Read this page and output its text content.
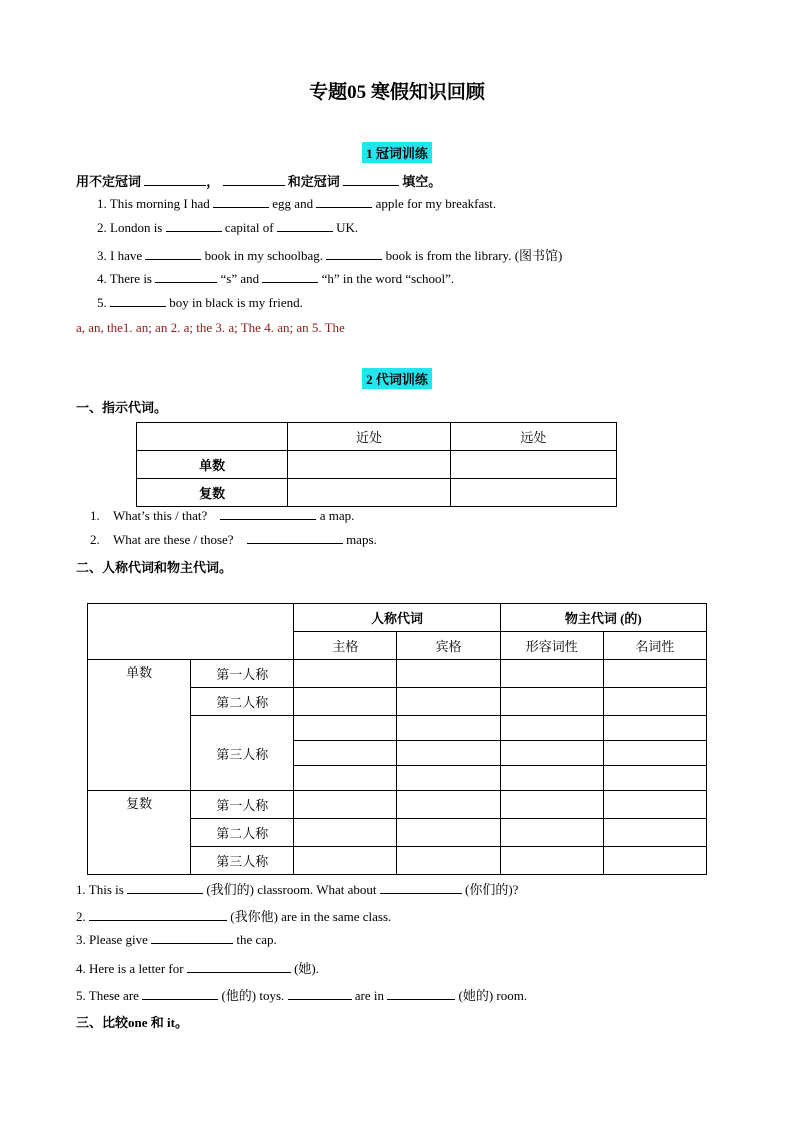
专题05 寒假知识回顾
1 冠词训练
用不定冠词	，	和定冠词	填空。
1. This morning I had	egg and	apple for my breakfast.
2. London is	capital of	UK.
3. I have	book in my schoolbag.	book is from the library. (图书馆)
4. There is	“s” and	“h” in the word “school”.
5.	boy in black is my friend.
a, an, the1. an; an 2. a; the 3. a; The 4. an; an 5. The
2 代词训练
一、指示代词。
	近处	远处
单数		
复数		
1. What’s this / that?	a map.
2. What are these / those?	maps.
二、人称代词和物主代词。
		人称代词		物主代词 (的)	
		主格	宾格	形容词性	名词性
单数	第一人称				
	第二人称				
	第三人称				

复数	第一人称				
	第二人称				
	第三人称				
1. This is	(我们的) classroom. What about	(你们的)?
2.	(我你他) are in the same class.
3. Please give	the cap.
4. Here is a letter for	(她).
5. These are	(他的) toys.	are in	(她的) room.
三、比较one 和 it。
